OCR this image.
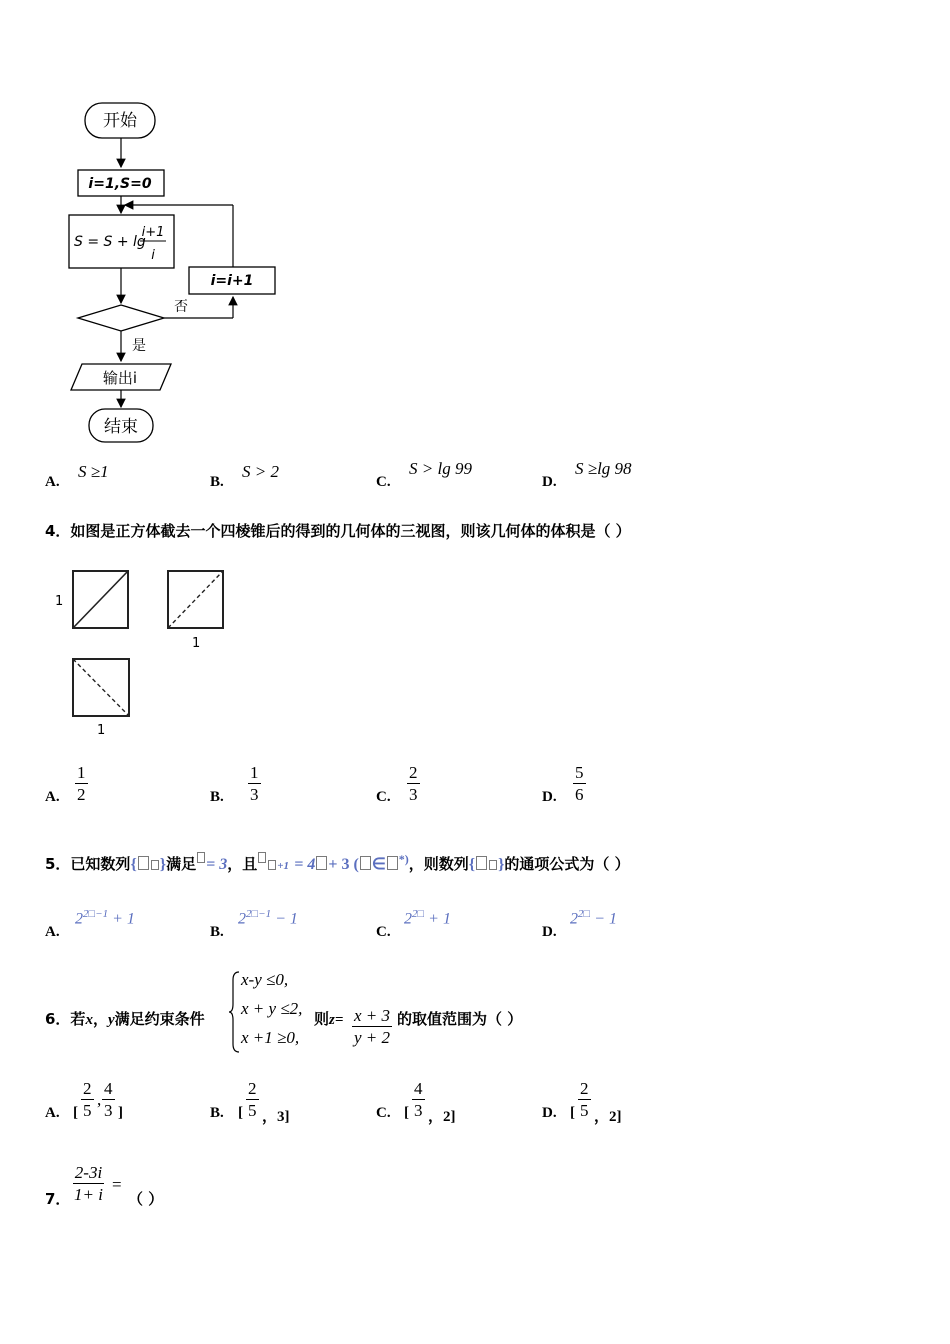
开始
i=1,S=0
S = S + lg
i+1
i
否
i=i+1
是
输出i
结束
A.
S ≥1
B.
S > 2
C.
S > lg 99
D.
S ≥lg 98
4．如图是正方体截去一个四棱锥后的得到的几何体的三视图，则该几何体的体积是（ ）
1
1
1
A. $\frac{1}{2}$	B. $\frac{1}{3}$	C. $\frac{2}{3}$	D. $\frac{5}{6}$
5．已知数列{ }满足 = 3，且 +1 = 4 + 3 ( ∈ *)，则数列{ }的通项公式为（ ）
A.
$2^{2□-1} + 1$
B.
$2^{2□-1} - 1$
C.
$2^{2□} + 1$
D.
$2^{2□} - 1$
6．若x，y满足约束条件
x-y ≤0,
x + y ≤2,
x +1 ≥0,
则$z= \frac{x + 3}{y + 2}$ 的取值范围为（ ）
A. [ $\frac{2}{5}$ , $\frac{4}{3}$ ]	B. [ $\frac{2}{5}$ ，3]	C. [ $\frac{4}{3}$ ，2]	D. [ $\frac{2}{5}$ ，2]
7． $\frac{2-3i}{1+ i}$ =
（ ）
